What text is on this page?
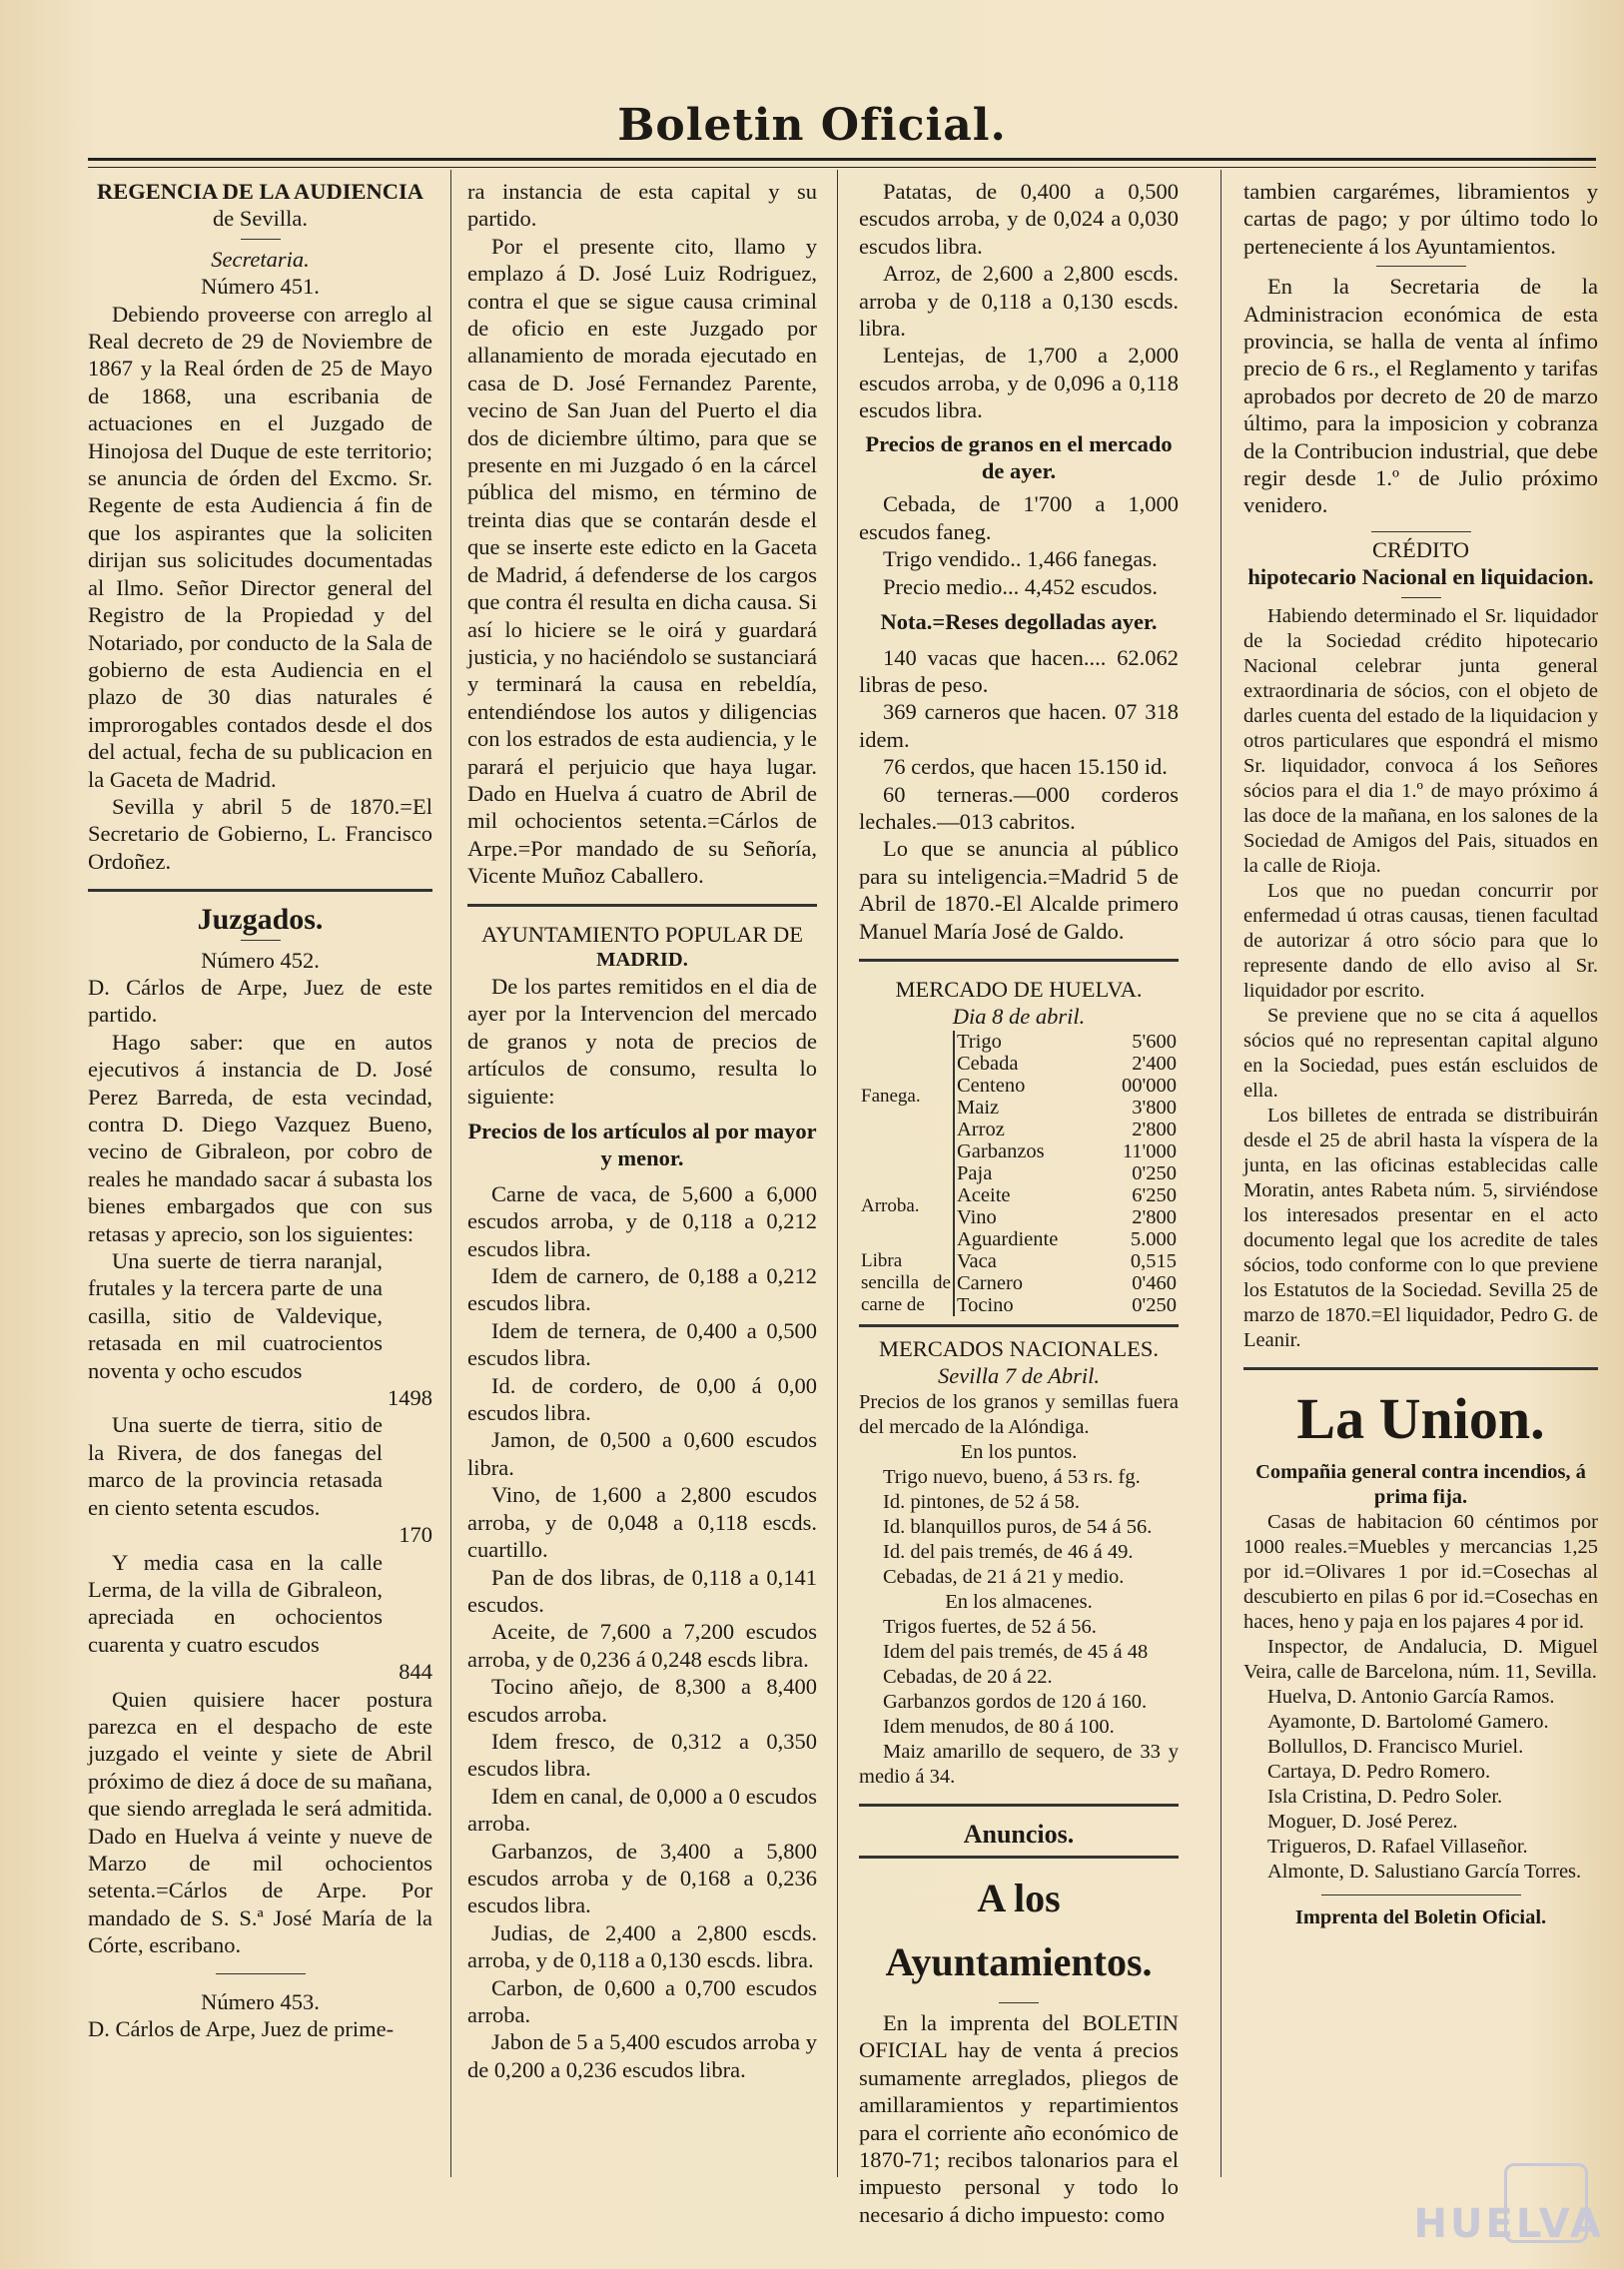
Boletin Oficial.
REGENCIA DE LA AUDIENCIA
de Sevilla.
Secretaria.
Número 451.

Debiendo proveerse con arreglo al Real decreto de 29 de Noviembre de 1867 y la Real órden de 25 de Mayo de 1868, una escribania de actuaciones en el Juzgado de Hinojosa del Duque de este territorio; se anuncia de órden del Excmo. Sr. Regente de esta Audiencia á fin de que los aspirantes que la soliciten dirijan sus solicitudes documentadas al Ilmo. Señor Director general del Registro de la Propiedad y del Notariado, por conducto de la Sala de gobierno de esta Audiencia en el plazo de 30 dias naturales é improrogables contados desde el dos del actual, fecha de su publicacion en la Gaceta de Madrid.

Sevilla y abril 5 de 1870.=El Secretario de Gobierno, L. Francisco Ordoñez.

Juzgados.
Número 452.

D. Cárlos de Arpe, Juez de este partido.

Hago saber: que en autos ejecutivos á instancia de D. José Perez Barreda, de esta vecindad, contra D. Diego Vazquez Bueno, vecino de Gibraleon, por cobro de reales he mandado sacar á subasta los bienes embargados que con sus retasas y aprecio, son los siguientes:

Una suerte de tierra naranjal, frutales y la tercera parte de una casilla, sitio de Valdevique, retasada en mil cuatrocientos noventa y ocho escudos

1498

Una suerte de tierra, sitio de la Rivera, de dos fanegas del marco de la provincia retasada en ciento setenta escudos.

170

Y media casa en la calle Lerma, de la villa de Gibraleon, apreciada en ochocientos cuarenta y cuatro escudos

844

Quien quisiere hacer postura parezca en el despacho de este juzgado el veinte y siete de Abril próximo de diez á doce de su mañana, que siendo arreglada le será admitida. Dado en Huelva á veinte y nueve de Marzo de mil ochocientos setenta.=Cárlos de Arpe. Por mandado de S. S.ª José María de la Córte, escribano.

Número 453.

D. Cárlos de Arpe, Juez de prime-

ra instancia de esta capital y su partido.

Por el presente cito, llamo y emplazo á D. José Luiz Rodriguez, contra el que se sigue causa criminal de oficio en este Juzgado por allanamiento de morada ejecutado en casa de D. José Fernandez Parente, vecino de San Juan del Puerto el dia dos de diciembre último, para que se presente en mi Juzgado ó en la cárcel pública del mismo, en término de treinta dias que se contarán desde el que se inserte este edicto en la Gaceta de Madrid, á defenderse de los cargos que contra él resulta en dicha causa. Si así lo hiciere se le oirá y guardará justicia, y no haciéndolo se sustanciará y terminará la causa en rebeldía, entendiéndose los autos y diligencias con los estrados de esta audiencia, y le parará el perjuicio que haya lugar. Dado en Huelva á cuatro de Abril de mil ochocientos setenta.=Cárlos de Arpe.=Por mandado de su Señoría, Vicente Muñoz Caballero.

AYUNTAMIENTO POPULAR DE
MADRID.

De los partes remitidos en el dia de ayer por la Intervencion del mercado de granos y nota de precios de artículos de consumo, resulta lo siguiente:

Precios de los artículos al por mayor y menor.

Carne de vaca, de 5,600 a 6,000 escudos arroba, y de 0,118 a 0,212 escudos libra.

Idem de carnero, de 0,188 a 0,212 escudos libra.

Idem de ternera, de 0,400 a 0,500 escudos libra.

Id. de cordero, de 0,00 á 0,00 escudos libra.

Jamon, de 0,500 a 0,600 escudos libra.

Vino, de 1,600 a 2,800 escudos arroba, y de 0,048 a 0,118 escds. cuartillo.

Pan de dos libras, de 0,118 a 0,141 escudos.

Aceite, de 7,600 a 7,200 escudos arroba, y de 0,236 á 0,248 escds libra.

Tocino añejo, de 8,300 a 8,400 escudos arroba.

Idem fresco, de 0,312 a 0,350 escudos libra.

Idem en canal, de 0,000 a 0 escudos arroba.

Garbanzos, de 3,400 a 5,800 escudos arroba y de 0,168 a 0,236 escudos libra.

Judias, de 2,400 a 2,800 escds. arroba, y de 0,118 a 0,130 escds. libra.

Carbon, de 0,600 a 0,700 escudos arroba.

Jabon de 5 a 5,400 escudos arroba y de 0,200 a 0,236 escudos libra.

Patatas, de 0,400 a 0,500 escudos arroba, y de 0,024 a 0,030 escudos libra.

Arroz, de 2,600 a 2,800 escds. arroba y de 0,118 a 0,130 escds. libra.

Lentejas, de 1,700 a 2,000 escudos arroba, y de 0,096 a 0,118 escudos libra.

Precios de granos en el mercado de ayer.

Cebada, de 1'700 a 1,000 escudos faneg.

Trigo vendido.. 1,466 fanegas.

Precio medio... 4,452 escudos.

Nota.=Reses degolladas ayer.

140 vacas que hacen.... 62.062 libras de peso.

369 carneros que hacen. 07 318 idem.

76 cerdos, que hacen 15.150 id.

60 terneras.—000 corderos lechales.—013 cabritos.

Lo que se anuncia al público para su inteligencia.=Madrid 5 de Abril de 1870.-El Alcalde primero Manuel María José de Galdo.

MERCADO DE HUELVA.
Dia 8 de abril.
Fanega.	Trigo	5'600
	Cebada	2'400
	Centeno	00'000
	Maiz	3'800
	Arroz	2'800
	Garbanzos	11'000
Arroba.	Paja	0'250
	Aceite	6'250
	Vino	2'800
	Aguardiente	5.000
Libra sencilla de carne de	Vaca	0,515
	Carnero	0'460
	Tocino	0'250
MERCADOS NACIONALES.
Sevilla 7 de Abril.
Precios de los granos y semillas fuera del mercado de la Alóndiga.
En los puntos.
Trigo nuevo, bueno, á 53 rs. fg.
Id. pintones, de 52 á 58.
Id. blanquillos puros, de 54 á 56.
Id. del pais tremés, de 46 á 49.
Cebadas, de 21 á 21 y medio.
En los almacenes.
Trigos fuertes, de 52 á 56.
Idem del pais tremés, de 45 á 48
Cebadas, de 20 á 22.
Garbanzos gordos de 120 á 160.
Idem menudos, de 80 á 100.
Maiz amarillo de sequero, de 33 y medio á 34.
Anuncios.
A los Ayuntamientos.

En la imprenta del BOLETIN OFICIAL hay de venta á precios sumamente arreglados, pliegos de amillaramientos y repartimientos para el corriente año económico de 1870-71; recibos talonarios para el impuesto personal y todo lo necesario á dicho impuesto: como

tambien cargarémes, libramientos y cartas de pago; y por último todo lo perteneciente á los Ayuntamientos.

En la Secretaria de la Administracion económica de esta provincia, se halla de venta al ínfimo precio de 6 rs., el Reglamento y tarifas aprobados por decreto de 20 de marzo último, para la imposicion y cobranza de la Contribucion industrial, que debe regir desde 1.º de Julio próximo venidero.

CRÉDITO
hipotecario Nacional en liquidacion.

Habiendo determinado el Sr. liquidador de la Sociedad crédito hipotecario Nacional celebrar junta general extraordinaria de sócios, con el objeto de darles cuenta del estado de la liquidacion y otros particulares que espondrá el mismo Sr. liquidador, convoca á los Señores sócios para el dia 1.º de mayo próximo á las doce de la mañana, en los salones de la Sociedad de Amigos del Pais, situados en la calle de Rioja.

Los que no puedan concurrir por enfermedad ú otras causas, tienen facultad de autorizar á otro sócio para que lo represente dando de ello aviso al Sr. liquidador por escrito.

Se previene que no se cita á aquellos sócios qué no representan capital alguno en la Sociedad, pues están escluidos de ella.

Los billetes de entrada se distribuirán desde el 25 de abril hasta la víspera de la junta, en las oficinas establecidas calle Moratin, antes Rabeta núm. 5, sirviéndose los interesados presentar en el acto documento legal que los acredite de tales sócios, todo conforme con lo que previene los Estatutos de la Sociedad. Sevilla 25 de marzo de 1870.=El liquidador, Pedro G. de Leanir.

La Union.
Compañia general contra incendios, á prima fija.

Casas de habitacion 60 céntimos por 1000 reales.=Muebles y mercancias 1,25 por id.=Olivares 1 por id.=Cosechas al descubierto en pilas 6 por id.=Cosechas en haces, heno y paja en los pajares 4 por id.

Inspector, de Andalucia, D. Miguel Veira, calle de Barcelona, núm. 11, Sevilla.

Huelva, D. Antonio García Ramos.

Ayamonte, D. Bartolomé Gamero.

Bollullos, D. Francisco Muriel.

Cartaya, D. Pedro Romero.

Isla Cristina, D. Pedro Soler.

Moguer, D. José Perez.

Trigueros, D. Rafael Villaseñor.

Almonte, D. Salustiano García Torres.

Imprenta del Boletin Oficial.
HUELVA
